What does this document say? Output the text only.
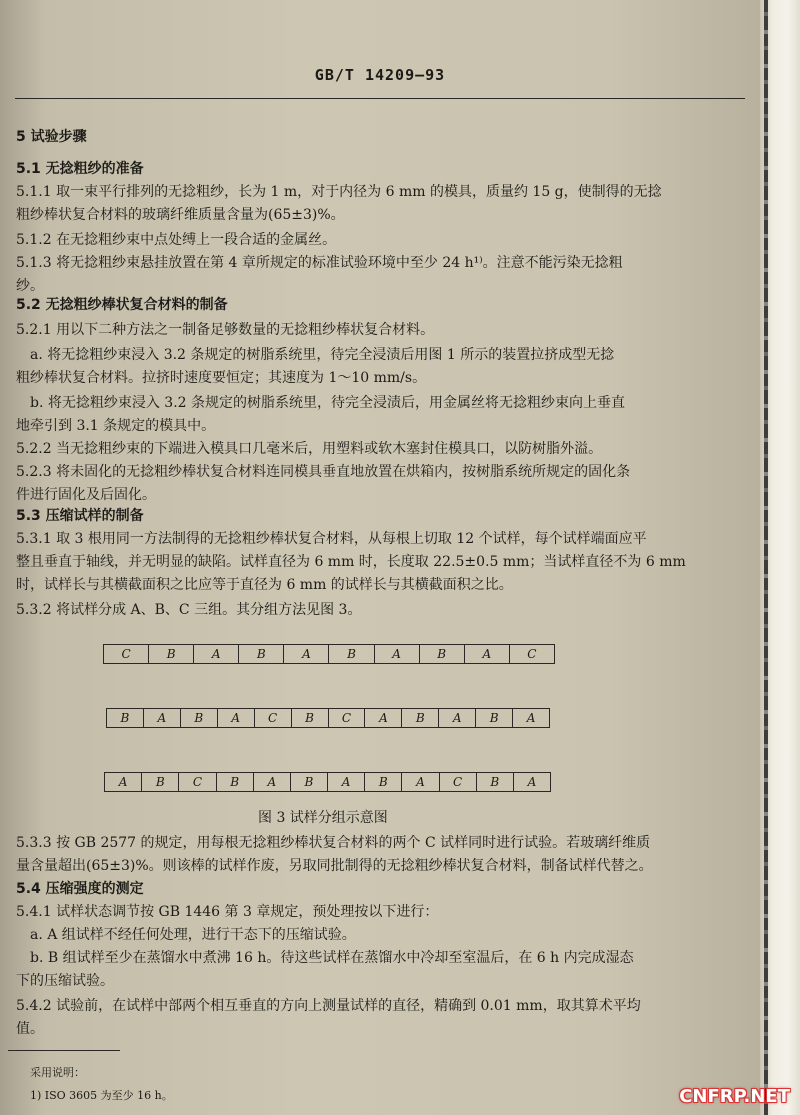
GB/T 14209—93
5 试验步骤
5.1 无捻粗纱的准备
5.1.1 取一束平行排列的无捻粗纱，长为 1 m，对于内径为 6 mm 的模具，质量约 15 g，使制得的无捻
粗纱棒状复合材料的玻璃纤维质量含量为(65±3)%。
5.1.2 在无捻粗纱束中点处缚上一段合适的金属丝。
5.1.3 将无捻粗纱束悬挂放置在第 4 章所规定的标准试验环境中至少 24 h¹⁾。注意不能污染无捻粗
纱。
5.2 无捻粗纱棒状复合材料的制备
5.2.1 用以下二种方法之一制备足够数量的无捻粗纱棒状复合材料。
a. 将无捻粗纱束浸入 3.2 条规定的树脂系统里，待完全浸渍后用图 1 所示的装置拉挤成型无捻
粗纱棒状复合材料。拉挤时速度要恒定；其速度为 1～10 mm/s。
b. 将无捻粗纱束浸入 3.2 条规定的树脂系统里，待完全浸渍后，用金属丝将无捻粗纱束向上垂直
地牵引到 3.1 条规定的模具中。
5.2.2 当无捻粗纱束的下端进入模具口几毫米后，用塑料或软木塞封住模具口，以防树脂外溢。
5.2.3 将未固化的无捻粗纱棒状复合材料连同模具垂直地放置在烘箱内，按树脂系统所规定的固化条
件进行固化及后固化。
5.3 压缩试样的制备
5.3.1 取 3 根用同一方法制得的无捻粗纱棒状复合材料，从每根上切取 12 个试样，每个试样端面应平
整且垂直于轴线，并无明显的缺陷。试样直径为 6 mm 时，长度取 22.5±0.5 mm；当试样直径不为 6 mm
时，试样长与其横截面积之比应等于直径为 6 mm 的试样长与其横截面积之比。
5.3.2 将试样分成 A、B、C 三组。其分组方法见图 3。
C	B	A	B	A	B	A	B	A	C
B	A	B	A	C	B	C	A	B	A	B	A
A	B	C	B	A	B	A	B	A	C	B	A
图 3 试样分组示意图
5.3.3 按 GB 2577 的规定，用每根无捻粗纱棒状复合材料的两个 C 试样同时进行试验。若玻璃纤维质
量含量超出(65±3)%。则该棒的试样作废，另取同批制得的无捻粗纱棒状复合材料，制备试样代替之。
5.4 压缩强度的测定
5.4.1 试样状态调节按 GB 1446 第 3 章规定，预处理按以下进行：
a. A 组试样不经任何处理，进行干态下的压缩试验。
b. B 组试样至少在蒸馏水中煮沸 16 h。待这些试样在蒸馏水中冷却至室温后，在 6 h 内完成湿态
下的压缩试验。
5.4.2 试验前，在试样中部两个相互垂直的方向上测量试样的直径，精确到 0.01 mm，取其算术平均
值。
采用说明：
1) ISO 3605 为至少 16 h。	CNFRP.NET
